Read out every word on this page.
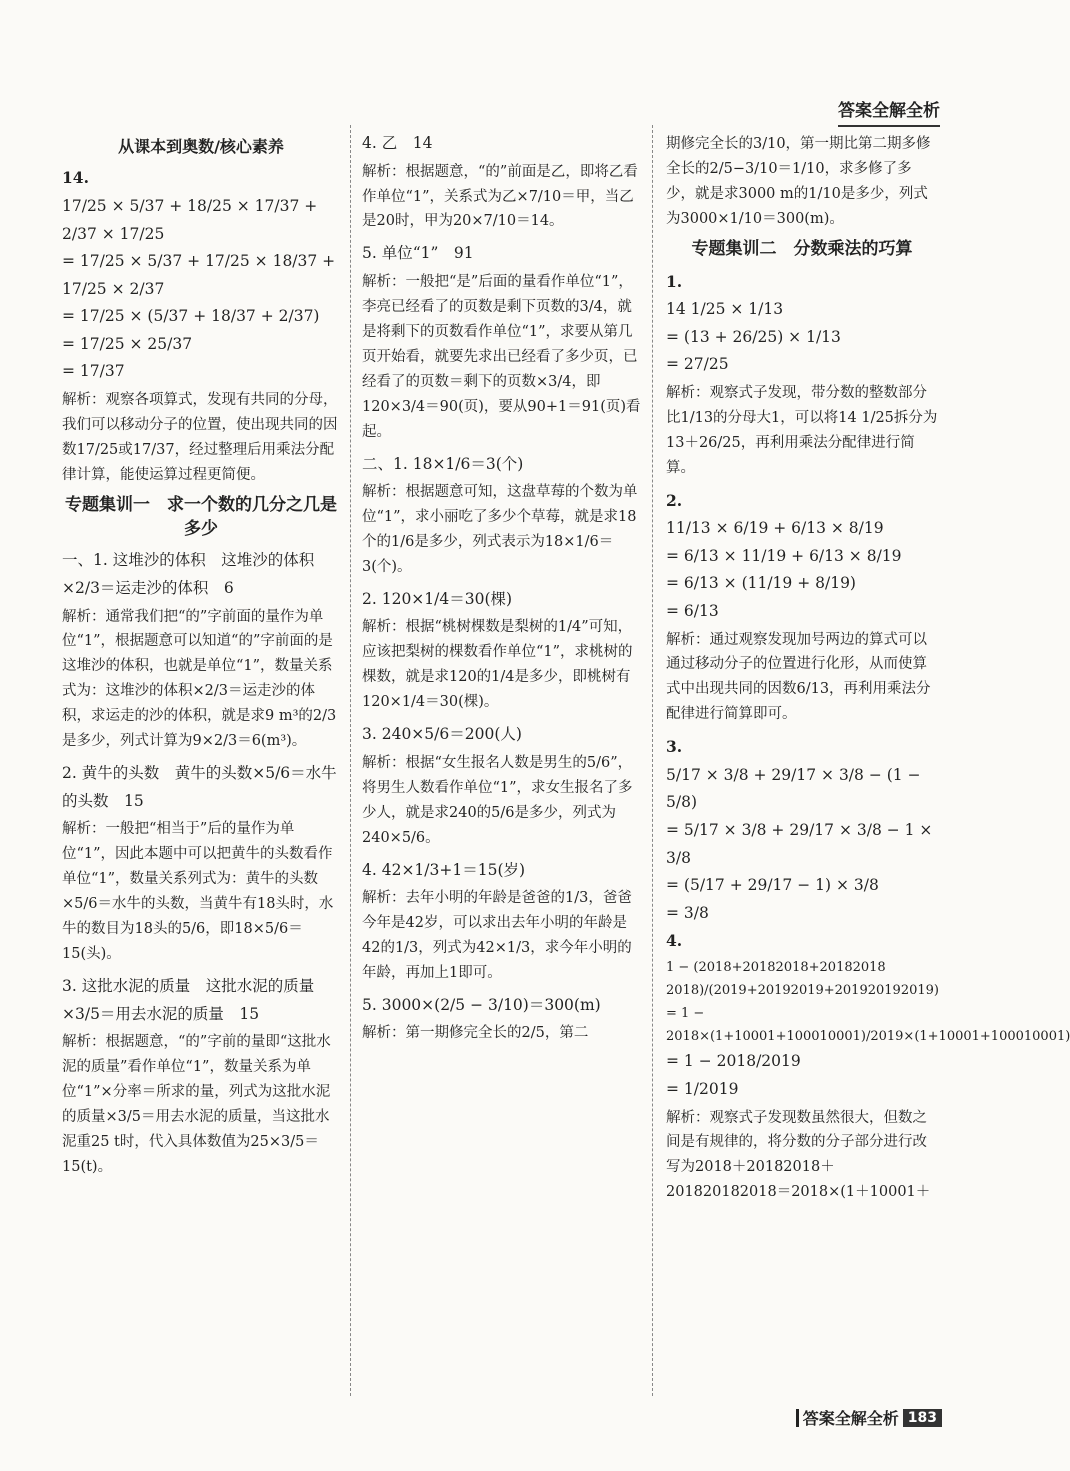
答案全解全析
从课本到奥数/核心素养
14.
17/25 × 5/37 + 18/25 × 17/37 + 2/37 × 17/25
= 17/25 × 5/37 + 17/25 × 18/37 + 17/25 × 2/37
= 17/25 × (5/37 + 18/37 + 2/37)
= 17/25 × 25/37
= 17/37
解析：观察各项算式，发现有共同的分母，我们可以移动分子的位置，使出现共同的因数17/25或17/37，经过整理后用乘法分配律计算，能使运算过程更简便。
专题集训一　求一个数的几分之几是多少
一、1. 这堆沙的体积　这堆沙的体积×2/3＝运走沙的体积　6
解析：通常我们把“的”字前面的量作为单位“1”，根据题意可以知道“的”字前面的是这堆沙的体积，也就是单位“1”，数量关系式为：这堆沙的体积×2/3＝运走沙的体积，求运走的沙的体积，就是求9 m³的2/3是多少，列式计算为9×2/3＝6(m³)。
2. 黄牛的头数　黄牛的头数×5/6＝水牛的头数　15
解析：一般把“相当于”后的量作为单位“1”，因此本题中可以把黄牛的头数看作单位“1”，数量关系列式为：黄牛的头数×5/6＝水牛的头数，当黄牛有18头时，水牛的数目为18头的5/6，即18×5/6＝15(头)。
3. 这批水泥的质量　这批水泥的质量×3/5＝用去水泥的质量　15
解析：根据题意，“的”字前的量即“这批水泥的质量”看作单位“1”，数量关系为单位“1”×分率＝所求的量，列式为这批水泥的质量×3/5＝用去水泥的质量，当这批水泥重25 t时，代入具体数值为25×3/5＝15(t)。
4. 乙　14
解析：根据题意，“的”前面是乙，即将乙看作单位“1”，关系式为乙×7/10＝甲，当乙是20时，甲为20×7/10＝14。
5. 单位“1”　91
解析：一般把“是”后面的量看作单位“1”，李亮已经看了的页数是剩下页数的3/4，就是将剩下的页数看作单位“1”，求要从第几页开始看，就要先求出已经看了多少页，已经看了的页数＝剩下的页数×3/4，即120×3/4＝90(页)，要从90+1＝91(页)看起。
二、1. 18×1/6＝3(个)
解析：根据题意可知，这盘草莓的个数为单位“1”，求小丽吃了多少个草莓，就是求18个的1/6是多少，列式表示为18×1/6＝3(个)。
2. 120×1/4＝30(棵)
解析：根据“桃树棵数是梨树的1/4”可知，应该把梨树的棵数看作单位“1”，求桃树的棵数，就是求120的1/4是多少，即桃树有120×1/4＝30(棵)。
3. 240×5/6＝200(人)
解析：根据“女生报名人数是男生的5/6”，将男生人数看作单位“1”，求女生报名了多少人，就是求240的5/6是多少，列式为240×5/6。
4. 42×1/3+1＝15(岁)
解析：去年小明的年龄是爸爸的1/3，爸爸今年是42岁，可以求出去年小明的年龄是42的1/3，列式为42×1/3，求今年小明的年龄，再加上1即可。
5. 3000×(2/5 − 3/10)＝300(m)
解析：第一期修完全长的2/5，第二
期修完全长的3/10，第一期比第二期多修全长的2/5−3/10＝1/10，求多修了多少，就是求3000 m的1/10是多少，列式为3000×1/10＝300(m)。
专题集训二　分数乘法的巧算
1.
14 1/25 × 1/13
= (13 + 26/25) × 1/13
= 27/25
解析：观察式子发现，带分数的整数部分比1/13的分母大1，可以将14 1/25拆分为13＋26/25，再利用乘法分配律进行简算。
2.
11/13 × 6/19 + 6/13 × 8/19
= 6/13 × 11/19 + 6/13 × 8/19
= 6/13 × (11/19 + 8/19)
= 6/13
解析：通过观察发现加号两边的算式可以通过移动分子的位置进行化形，从而使算式中出现共同的因数6/13，再利用乘法分配律进行简算即可。
3.
5/17 × 3/8 + 29/17 × 3/8 − (1 − 5/8)
= 5/17 × 3/8 + 29/17 × 3/8 − 1 × 3/8
= (5/17 + 29/17 − 1) × 3/8
= 3/8
4.
1 − (2018+20182018+20182018​2018)/(2019+20192019+201920192019)
= 1 − 2018×(1+10001+100010001)/2019×(1+10001+100010001)
= 1 − 2018/2019
= 1/2019
解析：观察式子发现数虽然很大，但数之间是有规律的，将分数的分子部分进行改写为2018＋20182018＋201820182018＝2018×(1＋10001＋
答案全解全析 183
